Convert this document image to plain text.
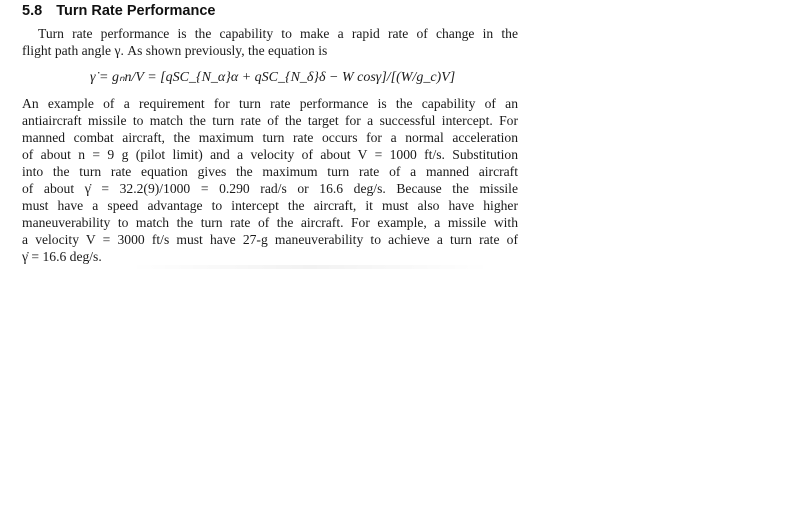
5.8 Turn Rate Performance
Turn rate performance is the capability to make a rapid rate of change in the
flight path angle γ. As shown previously, the equation is
γ̇ = gₙn/V = [qSC_{N_α}α + qSC_{N_δ}δ − W cosγ]/[(W/g_c)V]
An example of a requirement for turn rate performance is the capability of an
antiaircraft missile to match the turn rate of the target for a successful intercept. For
manned combat aircraft, the maximum turn rate occurs for a normal acceleration
of about n = 9 g (pilot limit) and a velocity of about V = 1000 ft/s. Substitution
into the turn rate equation gives the maximum turn rate of a manned aircraft
of about γ̇ = 32.2(9)/1000 = 0.290 rad/s or 16.6 deg/s. Because the missile
must have a speed advantage to intercept the aircraft, it must also have higher
maneuverability to match the turn rate of the aircraft. For example, a missile with
a velocity V = 3000 ft/s must have 27-g maneuverability to achieve a turn rate of
γ̇ = 16.6 deg/s.
